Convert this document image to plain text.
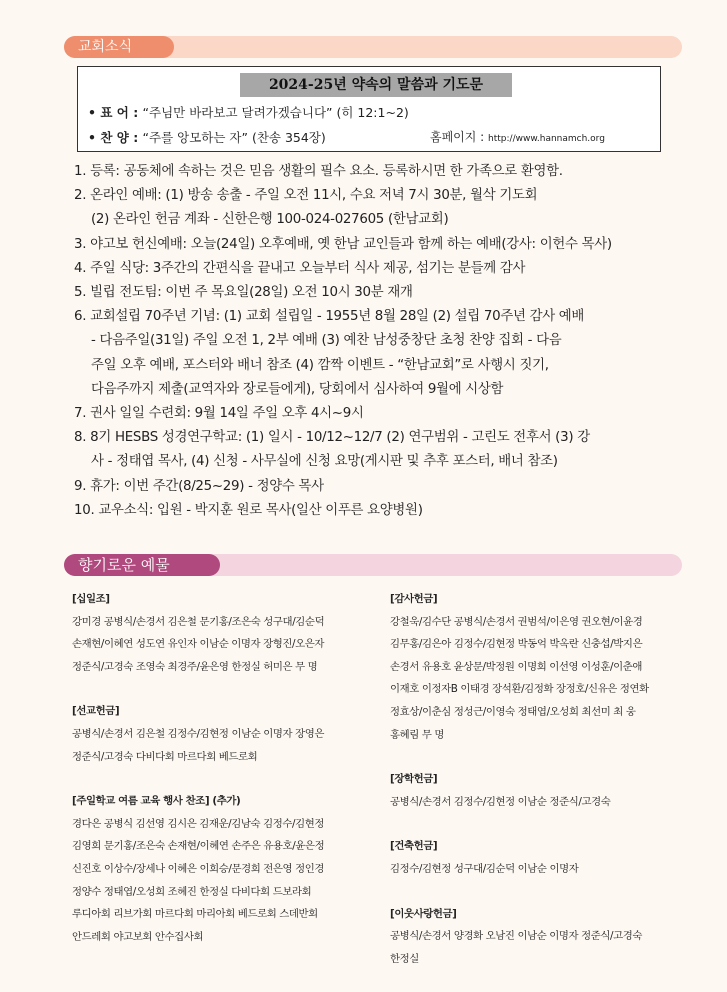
교회소식
2024-25년 약속의 말씀과 기도문
• 표 어 : “주님만 바라보고 달려가겠습니다” (히 12:1~2)
• 찬 양 : “주를 앙모하는 자” (찬송 354장)	홈페이지 : http://www.hannamch.org
1. 등록: 공동체에 속하는 것은 믿음 생활의 필수 요소. 등록하시면 한 가족으로 환영함.
2. 온라인 예배: (1) 방송 송출 - 주일 오전 11시, 수요 저녁 7시 30분, 월삭 기도회
(2) 온라인 헌금 계좌 - 신한은행 100-024-027605 (한남교회)
3. 야고보 헌신예배: 오늘(24일) 오후예배, 옛 한남 교인들과 함께 하는 예배(강사: 이헌수 목사)
4. 주일 식당: 3주간의 간편식을 끝내고 오늘부터 식사 제공, 섬기는 분들께 감사
5. 빌립 전도팀: 이번 주 목요일(28일) 오전 10시 30분 재개
6. 교회설립 70주년 기념: (1) 교회 설립일 - 1955년 8월 28일 (2) 설립 70주년 감사 예배
- 다음주일(31일) 주일 오전 1, 2부 예배 (3) 예찬 남성중창단 초청 찬양 집회 - 다음
주일 오후 예배, 포스터와 배너 참조 (4) 깜짝 이벤트 - “한남교회”로 사행시 짓기,
다음주까지 제출(교역자와 장로들에게), 당회에서 심사하여 9월에 시상함
7. 권사 일일 수련회: 9월 14일 주일 오후 4시~9시
8. 8기 HESBS 성경연구학교: (1) 일시 - 10/12~12/7 (2) 연구범위 - 고린도 전후서 (3) 강
사 - 정태엽 목사, (4) 신청 - 사무실에 신청 요망(게시판 및 추후 포스터, 배너 참조)
9. 휴가: 이번 주간(8/25~29) - 정양수 목사
10. 교우소식: 입원 - 박지훈 원로 목사(일산 이푸른 요양병원)
향기로운 예물
[십일조]
강미경 공병식/손경서 김은철 문기홍/조은숙 성구대/김순덕
손재현/이혜연 성도연 유인자 이남순 이명자 장형진/오은자
정준식/고경숙 조영숙 최경주/윤은영 한정실 허미은 무 명
[선교헌금]
공병식/손경서 김은철 김정수/김현정 이남순 이명자 장영은
정준식/고경숙 다비다회 마르다회 베드로회
[주일학교 여름 교육 행사 찬조] (추가)
경다은 공병식 김선영 김시은 김재운/김남숙 김정수/김현정
김영희 문기홍/조은숙 손재현/이혜연 손주은 유용호/윤은정
신진호 이상수/장세나 이혜은 이희승/문경희 전은영 정인경
정양수 정태엽/오성희 조혜진 한정실 다비다회 드보라회
루디아회 리브가회 마르다회 마리아회 베드로회 스데반회
안드레회 야고보회 안수집사회
[감사헌금]
강철욱/김수단 공병식/손경서 권범석/이은영 권오현/이윤경
김무홍/김은아 김정수/김현정 박동억 박옥란 신충섭/박지은
손경서 유용호 윤상문/박정원 이명희 이선영 이성훈/이춘애
이재호 이정자B 이태경 장석환/김정화 장정호/신유은 정연화
정효상/이춘심 정성근/이영숙 정태엽/오성희 최선미 최 웅
홍혜림 무 명
[장학헌금]
공병식/손경서 김정수/김현정 이남순 정준식/고경숙
[건축헌금]
김정수/김현정 성구대/김순덕 이남순 이명자
[이웃사랑헌금]
공병식/손경서 양경화 오남진 이남순 이명자 정준식/고경숙
한정실
